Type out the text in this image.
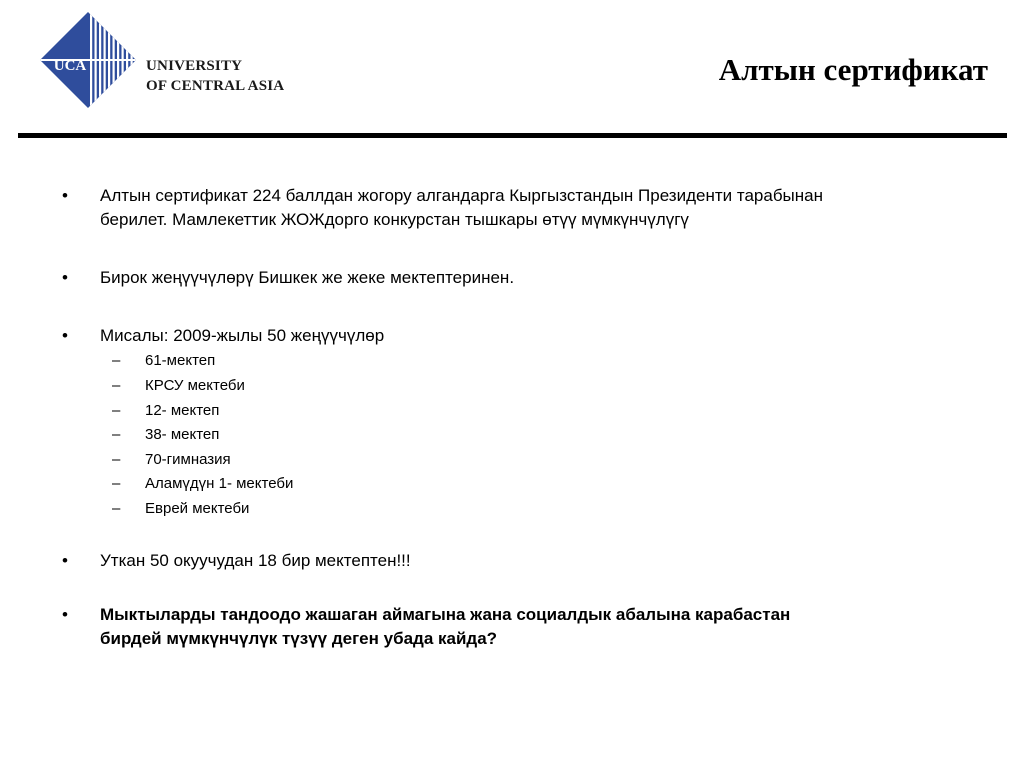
UCA	UNIVERSITY
OF CENTRAL ASIA	Алтын сертификат
•	Алтын сертификат 224 баллдан жогору алгандарга Кыргызстандын Президенти тарабынан
берилет. Мамлекеттик ЖОЖдорго конкурстан тышкары өтүү мүмкүнчүлүгү
•	Бирок жеңүүчүлөрү Бишкек же жеке мектептеринен.
•	Мисалы: 2009-жылы 50 жеңүүчүлөр
– 61-мектеп
– КРСУ мектеби
– 12- мектеп
– 38- мектеп
– 70-гимназия
– Аламүдүн 1- мектеби
– Еврей мектеби
•	Уткан 50 окуучудан 18 бир мектептен!!!
•	Мыктыларды тандоодо жашаган аймагына жана социалдык абалына карабастан
бирдей мүмкүнчүлүк түзүү деген убада кайда?
